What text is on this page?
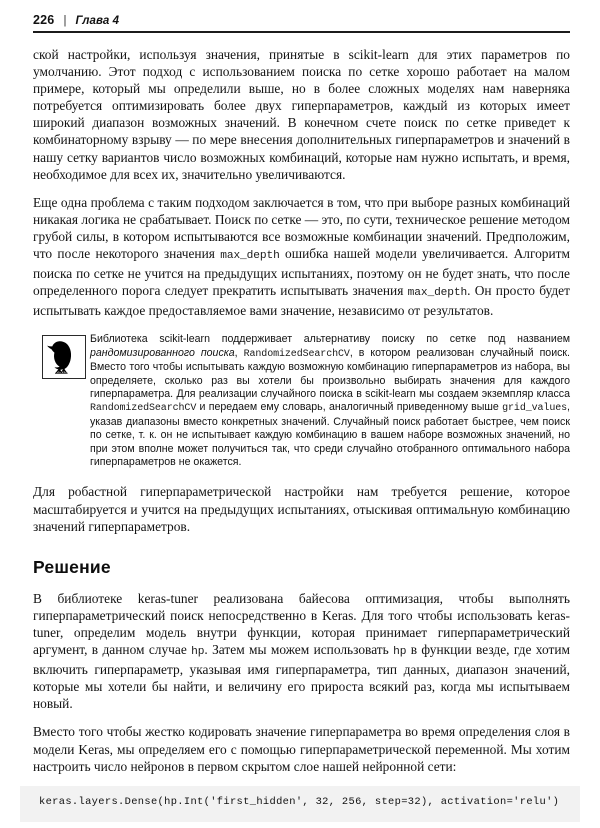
226 | Глава 4

ской настройки, используя значения, принятые в scikit-learn для этих параметров по умолчанию. Этот подход с использованием поиска по сетке хорошо работает на малом примере, который мы определили выше, но в более сложных моделях нам наверняка потребуется оптимизировать более двух гиперпараметров, каждый из которых имеет широкий диапазон возможных значений. В конечном счете поиск по сетке приведет к комбинаторному взрыву — по мере внесения дополнительных гиперпараметров и значений в нашу сетку вариантов число возможных комбинаций, которые нам нужно испытать, и время, необходимое для всех их, значительно увеличиваются.

Еще одна проблема с таким подходом заключается в том, что при выборе разных комбинаций никакая логика не срабатывает. Поиск по сетке — это, по сути, техническое решение методом грубой силы, в котором испытываются все возможные комбинации значений. Предположим, что после некоторого значения max_depth ошибка нашей модели увеличивается. Алгоритм поиска по сетке не учится на предыдущих испытаниях, поэтому он не будет знать, что после определенного порога следует прекратить испытывать значения max_depth. Он просто будет испытывать каждое предоставляемое вами значение, независимо от результатов.

Библиотека scikit-learn поддерживает альтернативу поиску по сетке под названием рандомизированного поиска, RandomizedSearchCV, в котором реализован случайный поиск. Вместо того чтобы испытывать каждую возможную комбинацию гиперпараметров из набора, вы определяете, сколько раз вы хотели бы произвольно выбирать значения для каждого гиперпараметра. Для реализации случайного поиска в scikit-learn мы создаем экземпляр класса RandomizedSearchCV и передаем ему словарь, аналогичный приведенному выше grid_values, указав диапазоны вместо конкретных значений. Случайный поиск работает быстрее, чем поиск по сетке, т. к. он не испытывает каждую комбинацию в вашем наборе возможных значений, но при этом вполне может получиться так, что среди случайно отобранного оптимального набора гиперпараметров не окажется.

Для робастной гиперпараметрической настройки нам требуется решение, которое масштабируется и учится на предыдущих испытаниях, отыскивая оптимальную комбинацию значений гиперпараметров.

Решение

В библиотеке keras-tuner реализована байесова оптимизация, чтобы выполнять гиперпараметрический поиск непосредственно в Keras. Для того чтобы использовать keras-tuner, определим модель внутри функции, которая принимает гиперпараметрический аргумент, в данном случае hp. Затем мы можем использовать hp в функции везде, где хотим включить гиперпараметр, указывая имя гиперпараметра, тип данных, диапазон значений, которые мы хотели бы найти, и величину его прироста всякий раз, когда мы испытываем новый.

Вместо того чтобы жестко кодировать значение гиперпараметра во время определения слоя в модели Keras, мы определяем его с помощью гиперпараметрической переменной. Мы хотим настроить число нейронов в первом скрытом слое нашей нейронной сети:

keras.layers.Dense(hp.Int('first_hidden', 32, 256, step=32), activation='relu')
